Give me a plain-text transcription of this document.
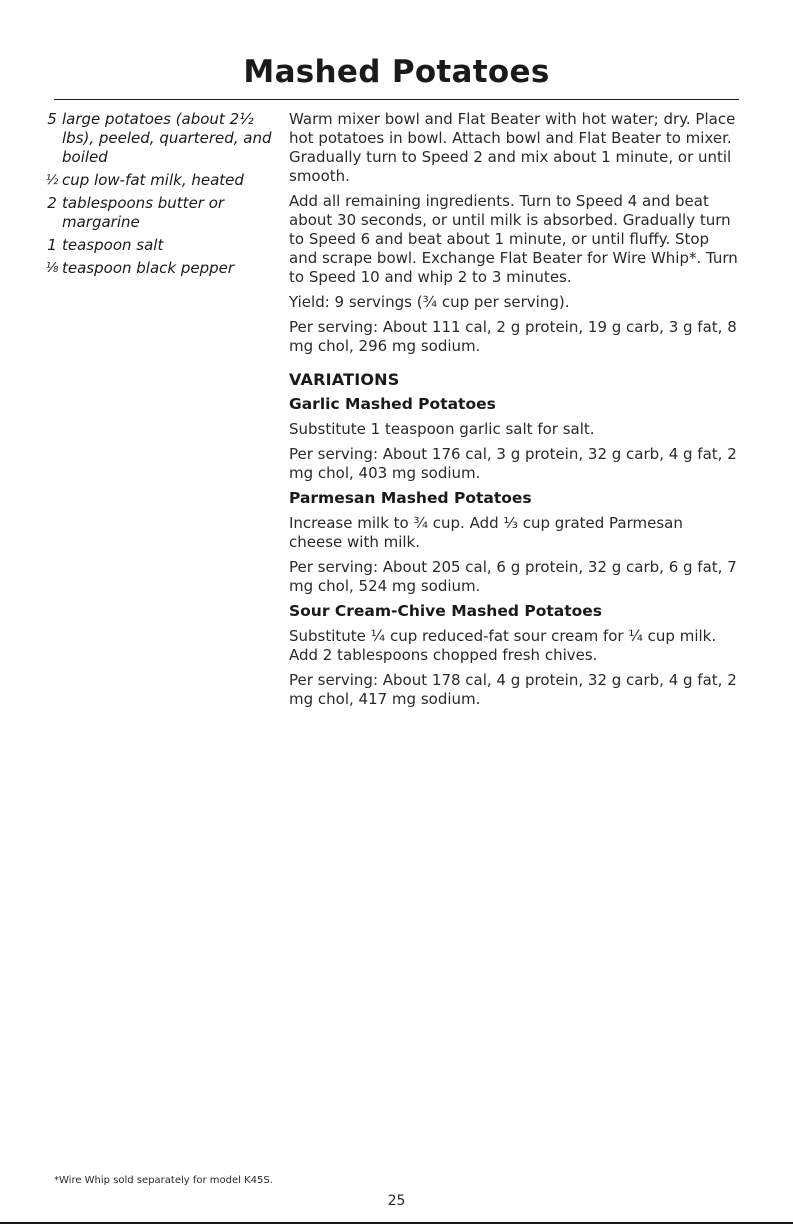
Mashed Potatoes
5 large potatoes (about 2½ lbs), peeled, quartered, and boiled
½ cup low-fat milk, heated
2 tablespoons butter or margarine
1 teaspoon salt
⅛ teaspoon black pepper

Warm mixer bowl and Flat Beater with hot water; dry. Place hot potatoes in bowl. Attach bowl and Flat Beater to mixer. Gradually turn to Speed 2 and mix about 1 minute, or until smooth.

Add all remaining ingredients. Turn to Speed 4 and beat about 30 seconds, or until milk is absorbed. Gradually turn to Speed 6 and beat about 1 minute, or until fluffy. Stop and scrape bowl. Exchange Flat Beater for Wire Whip*. Turn to Speed 10 and whip 2 to 3 minutes.

Yield: 9 servings (¾ cup per serving).

Per serving: About 111 cal, 2 g protein, 19 g carb, 3 g fat, 8 mg chol, 296 mg sodium.

VARIATIONS
Garlic Mashed Potatoes

Substitute 1 teaspoon garlic salt for salt.

Per serving: About 176 cal, 3 g protein, 32 g carb, 4 g fat, 2 mg chol, 403 mg sodium.

Parmesan Mashed Potatoes

Increase milk to ¾ cup. Add ⅓ cup grated Parmesan cheese with milk.

Per serving: About 205 cal, 6 g protein, 32 g carb, 6 g fat, 7 mg chol, 524 mg sodium.

Sour Cream-Chive Mashed Potatoes

Substitute ¼ cup reduced-fat sour cream for ¼ cup milk. Add 2 tablespoons chopped fresh chives.

Per serving: About 178 cal, 4 g protein, 32 g carb, 4 g fat, 2 mg chol, 417 mg sodium.

*Wire Whip sold separately for model K45S.
25
